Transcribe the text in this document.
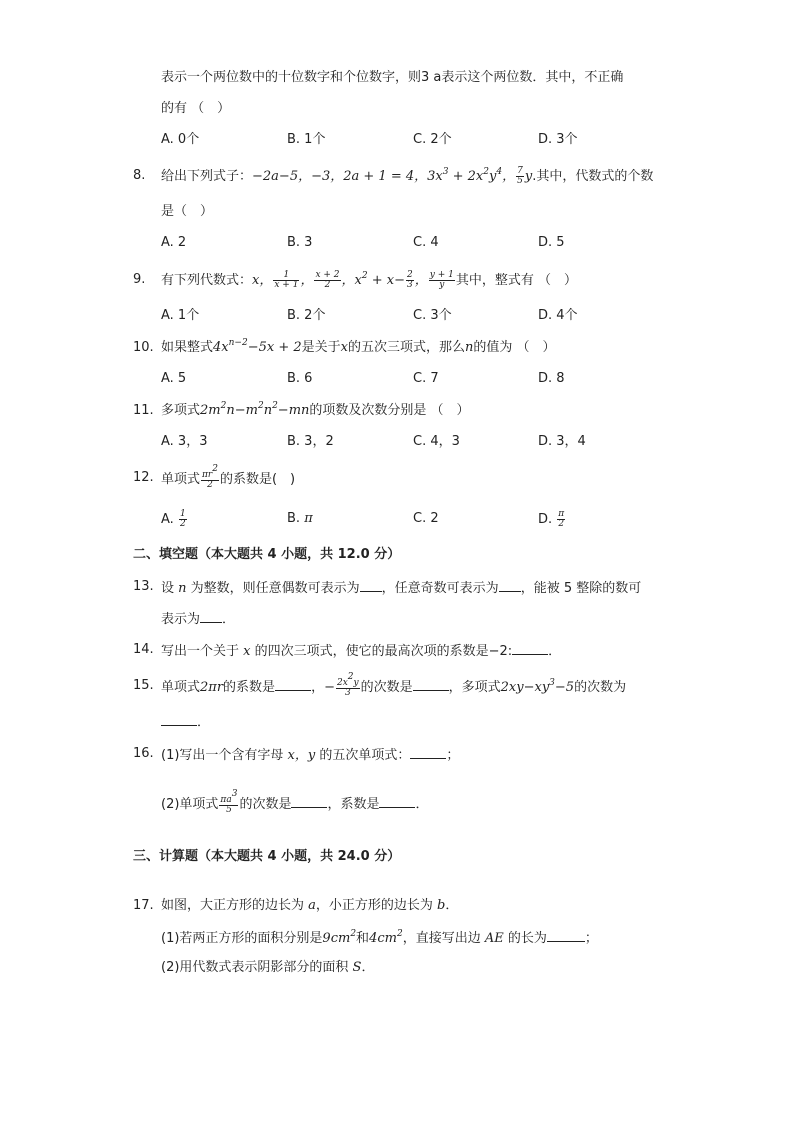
表示一个两位数中的十位数字和个位数字，则3 a表示这个两位数．其中，不正确
的有 （　）
A. 0个	B. 1个	C. 2个	D. 3个
8. 给出下列式子：−2a−5，−3，2a + 1 = 4，$3x^3 + 2x^2y^4$， $\frac{7}{5} y$.其中，代数式的个数
是（　）
A. 2	B. 3	C. 4	D. 5
9. 有下列代数式：x， $\frac{1}{x + 1}$ ， $\frac{x + 2}{2}$ ，$x^2 + x- \frac{2}{3}$ ， $\frac{y + 1}{y}$ 其中，整式有 （　）
A. 1个	B. 2个	C. 3个	D. 4个
10. 如果整式$4x^{n-2}-5x + 2$是关于x的五次三项式，那么n的值为 （　）
A. 5	B. 6	C. 7	D. 8
11. 多项式$2m^2n-m^2n^2-mn$的项数及次数分别是 （　）
A. 3，3	B. 3，2	C. 4，3	D. 3，4
12. 单项式 $\frac{\pi r^2}{2}$ 的系数是(　)
A. $\frac{1}{2}$	B. π	C. 2	D. $\frac{\pi}{2}$
二、填空题（本大题共 4 小题，共 12.0 分）
13. 设 n 为整数，则任意偶数可表示为 ，任意奇数可表示为 ，能被 5 整除的数可
表示为 ．
14. 写出一个关于 x 的四次三项式，使它的最高次项的系数是−2:	．
15. 单项式2πr的系数是	，− $\frac{2x^2y}{3}$ 的次数是	，多项式$2xy-xy^3-5$的次数为
．
16. (1)写出一个含有字母 x，y 的五次单项式：	；
(2)单项式 $\frac{\pi a^3}{5}$ 的次数是	，系数是	．
三、计算题（本大题共 4 小题，共 24.0 分）
17. 如图，大正方形的边长为 a，小正方形的边长为 b．
(1)若两正方形的面积分别是$9cm^2$和$4cm^2$，直接写出边 AE 的长为	；
(2)用代数式表示阴影部分的面积 S．
